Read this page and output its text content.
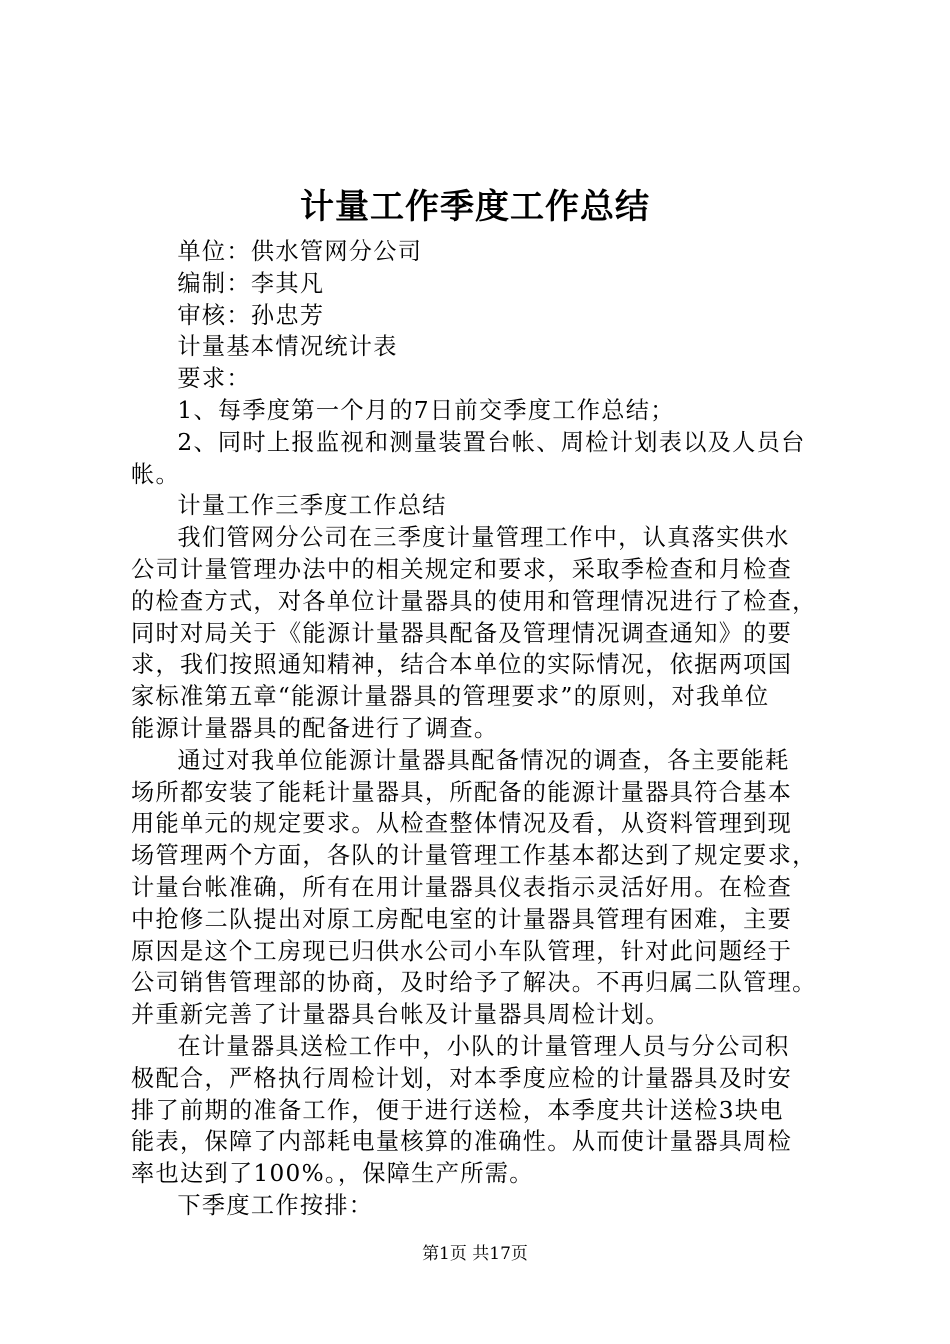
计量工作季度工作总结
单位：供水管网分公司
编制：李其凡
审核：孙忠芳
计量基本情况统计表
要求：
1、每季度第一个月的7日前交季度工作总结；
2、同时上报监视和测量装置台帐、周检计划表以及人员台
帐。
计量工作三季度工作总结
我们管网分公司在三季度计量管理工作中，认真落实供水
公司计量管理办法中的相关规定和要求，采取季检查和月检查
的检查方式，对各单位计量器具的使用和管理情况进行了检查，
同时对局关于《能源计量器具配备及管理情况调查通知》的要
求，我们按照通知精神，结合本单位的实际情况，依据两项国
家标准第五章“能源计量器具的管理要求”的原则，对我单位
能源计量器具的配备进行了调查。
通过对我单位能源计量器具配备情况的调查，各主要能耗
场所都安装了能耗计量器具，所配备的能源计量器具符合基本
用能单元的规定要求。从检查整体情况及看，从资料管理到现
场管理两个方面，各队的计量管理工作基本都达到了规定要求，
计量台帐准确，所有在用计量器具仪表指示灵活好用。在检查
中抢修二队提出对原工房配电室的计量器具管理有困难，主要
原因是这个工房现已归供水公司小车队管理，针对此问题经于
公司销售管理部的协商，及时给予了解决。不再归属二队管理。
并重新完善了计量器具台帐及计量器具周检计划。
在计量器具送检工作中，小队的计量管理人员与分公司积
极配合，严格执行周检计划，对本季度应检的计量器具及时安
排了前期的准备工作，便于进行送检，本季度共计送检3块电
能表，保障了内部耗电量核算的准确性。从而使计量器具周检
率也达到了100%。，保障生产所需。
下季度工作按排：
第1页 共17页
